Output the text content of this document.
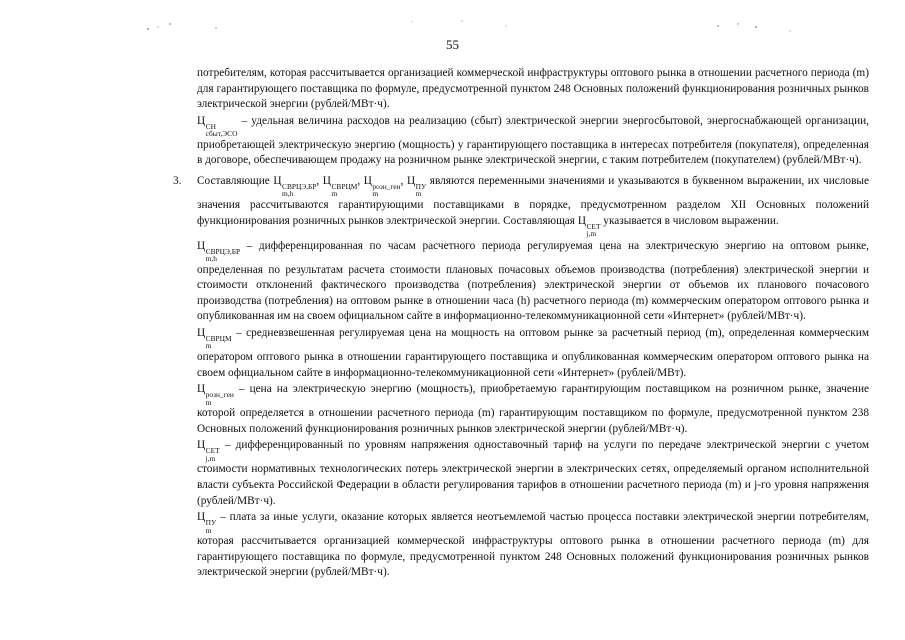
55

потребителям, которая рассчитывается организацией коммерческой инфраструктуры оптового рынка в отношении расчетного периода (m) для гарантирующего поставщика по формуле, предусмотренной пунктом 248 Основных положений функционирования розничных рынков электрической энергии (рублей/МВт·ч).

Ц СН
сбыт,ЭСО
– удельная величина расходов на реализацию (сбыт) электрической энергии энергосбытовой, энергоснабжающей организации, приобретающей электрическую энергию (мощность) у гарантирующего поставщика в интересах потребителя (покупателя), определенная в договоре, обеспечивающем продажу на розничном рынке электрической энергии, с таким потребителем (покупателем) (рублей/МВт·ч).

3. Составляющие Ц СВРЦЭ,БР
m,h
, Ц СВРЦМ
m
, Ц розн_ген
m
, Ц ПУ
m
являются переменными значениями и указываются в буквенном выражении, их числовые значения рассчитываются гарантирующими поставщиками в порядке, предусмотренном разделом XII Основных положений функционирования розничных рынков электрической энергии. Составляющая Ц СЕТ
j,m
указывается в числовом выражении.

Ц СВРЦЭ,БР
m,h
– дифференцированная по часам расчетного периода регулируемая цена на электрическую энергию на оптовом рынке, определенная по результатам расчета стоимости плановых почасовых объемов производства (потребления) электрической энергии и стоимости отклонений фактического производства (потребления) электрической энергии от объемов их планового почасового производства (потребления) на оптовом рынке в отношении часа (h) расчетного периода (m) коммерческим оператором оптового рынка и опубликованная им на своем официальном сайте в информационно-телекоммуникационной сети «Интернет» (рублей/МВт·ч).

Ц СВРЦМ
m
– средневзвешенная регулируемая цена на мощность на оптовом рынке за расчетный период (m), определенная коммерческим оператором оптового рынка в отношении гарантирующего поставщика и опубликованная коммерческим оператором оптового рынка на своем официальном сайте в информационно-телекоммуникационной сети «Интернет» (рублей/МВт).

Ц розн_ген
m
– цена на электрическую энергию (мощность), приобретаемую гарантирующим поставщиком на розничном рынке, значение которой определяется в отношении расчетного периода (m) гарантирующим поставщиком по формуле, предусмотренной пунктом 238 Основных положений функционирования розничных рынков электрической энергии (рублей/МВт·ч).

Ц СЕТ
j,m
– дифференцированный по уровням напряжения одноставочный тариф на услуги по передаче электрической энергии с учетом стоимости нормативных технологических потерь электрической энергии в электрических сетях, определяемый органом исполнительной власти субъекта Российской Федерации в области регулирования тарифов в отношении расчетного периода (m) и j-го уровня напряжения (рублей/МВт·ч).

Ц ПУ
m
– плата за иные услуги, оказание которых является неотъемлемой частью процесса поставки электрической энергии потребителям, которая рассчитывается организацией коммерческой инфраструктуры оптового рынка в отношении расчетного периода (m) для гарантирующего поставщика по формуле, предусмотренной пунктом 248 Основных положений функционирования розничных рынков электрической энергии (рублей/МВт·ч).
